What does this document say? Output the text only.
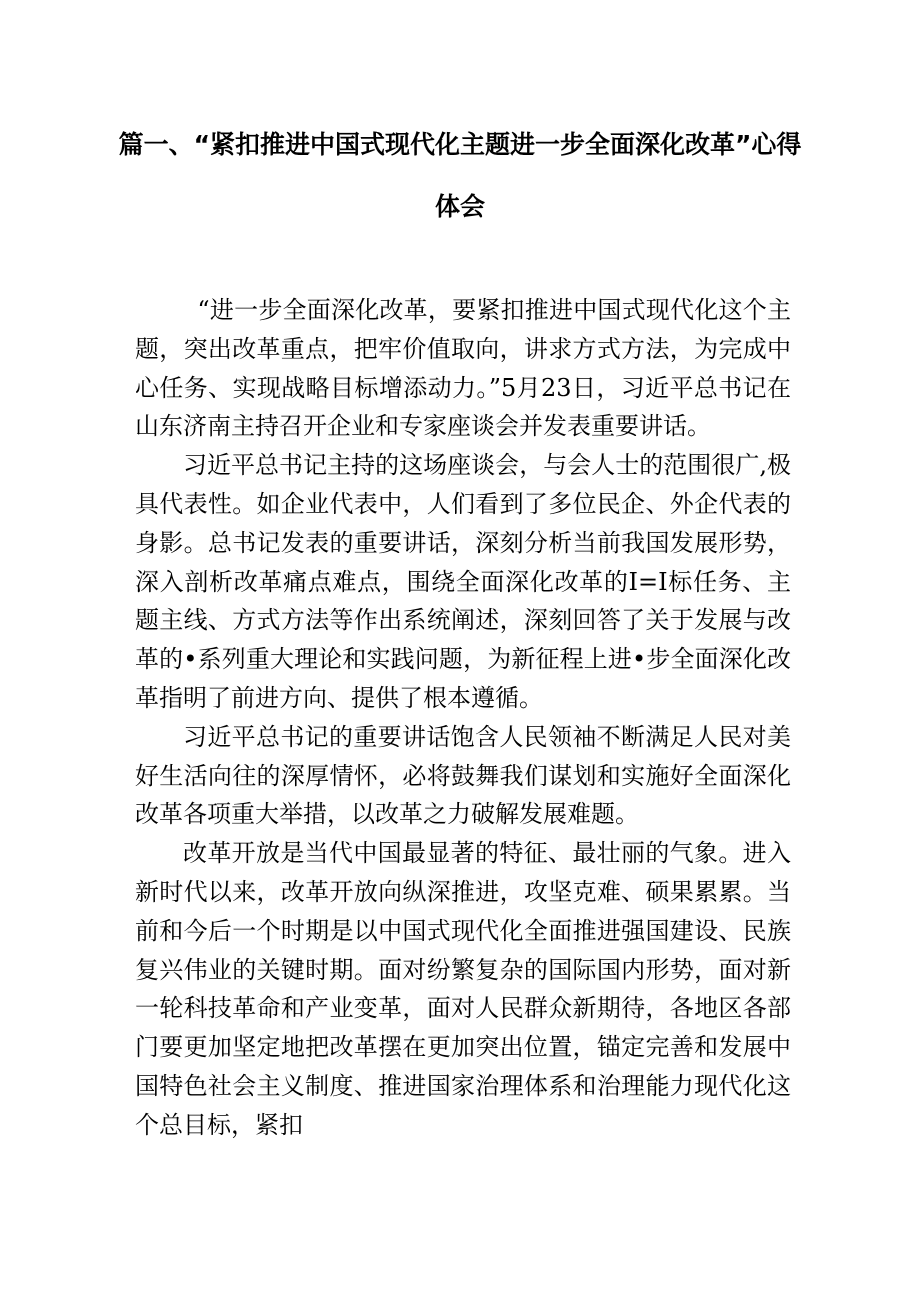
篇一、“紧扣推进中国式现代化主题进一步全面深化改革”心得
体会

“进一步全面深化改革，要紧扣推进中国式现代化这个主题，突出改革重点，把牢价值取向，讲求方式方法，为完成中心任务、实现战略目标增添动力。”5月23日，习近平总书记在山东济南主持召开企业和专家座谈会并发表重要讲话。

习近平总书记主持的这场座谈会，与会人士的范围很广,极具代表性。如企业代表中，人们看到了多位民企、外企代表的身影。总书记发表的重要讲话，深刻分析当前我国发展形势，深入剖析改革痛点难点，围绕全面深化改革的I=I标任务、主题主线、方式方法等作出系统阐述，深刻回答了关于发展与改革的•系列重大理论和实践问题，为新征程上进•步全面深化改革指明了前进方向、提供了根本遵循。

习近平总书记的重要讲话饱含人民领袖不断满足人民对美好生活向往的深厚情怀，必将鼓舞我们谋划和实施好全面深化改革各项重大举措，以改革之力破解发展难题。

改革开放是当代中国最显著的特征、最壮丽的气象。进入新时代以来，改革开放向纵深推进，攻坚克难、硕果累累。当前和今后一个时期是以中国式现代化全面推进强国建设、民族复兴伟业的关键时期。面对纷繁复杂的国际国内形势，面对新一轮科技革命和产业变革，面对人民群众新期待，各地区各部门要更加坚定地把改革摆在更加突出位置，锚定完善和发展中国特色社会主义制度、推进国家治理体系和治理能力现代化这个总目标，紧扣
